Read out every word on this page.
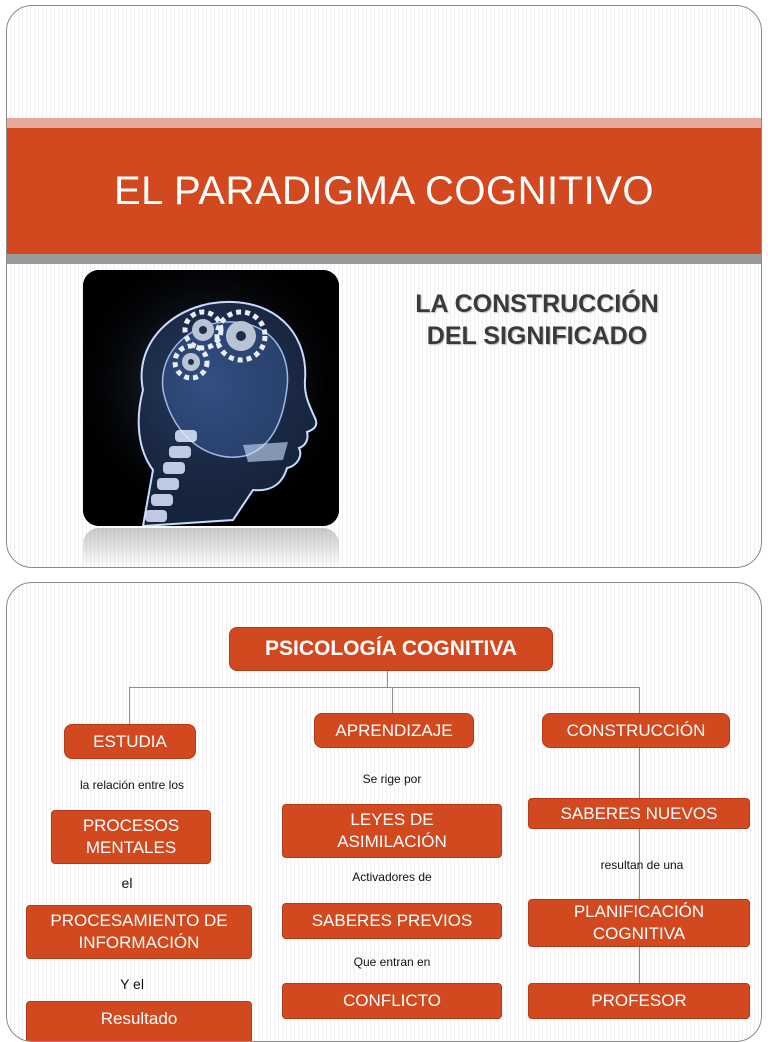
EL PARADIGMA COGNITIVO
LA CONSTRUCCIÓN
DEL SIGNIFICADO
PSICOLOGÍA COGNITIVA
ESTUDIA
la relación entre los
PROCESOS MENTALES
el
PROCESAMIENTO DE INFORMACIÓN
Y el
Resultado
APRENDIZAJE
Se rige por
LEYES DE ASIMILACIÓN
Activadores de
SABERES PREVIOS
Que entran en
CONFLICTO
CONSTRUCCIÓN
SABERES NUEVOS
resultan de una
PLANIFICACIÓN COGNITIVA
PROFESOR
